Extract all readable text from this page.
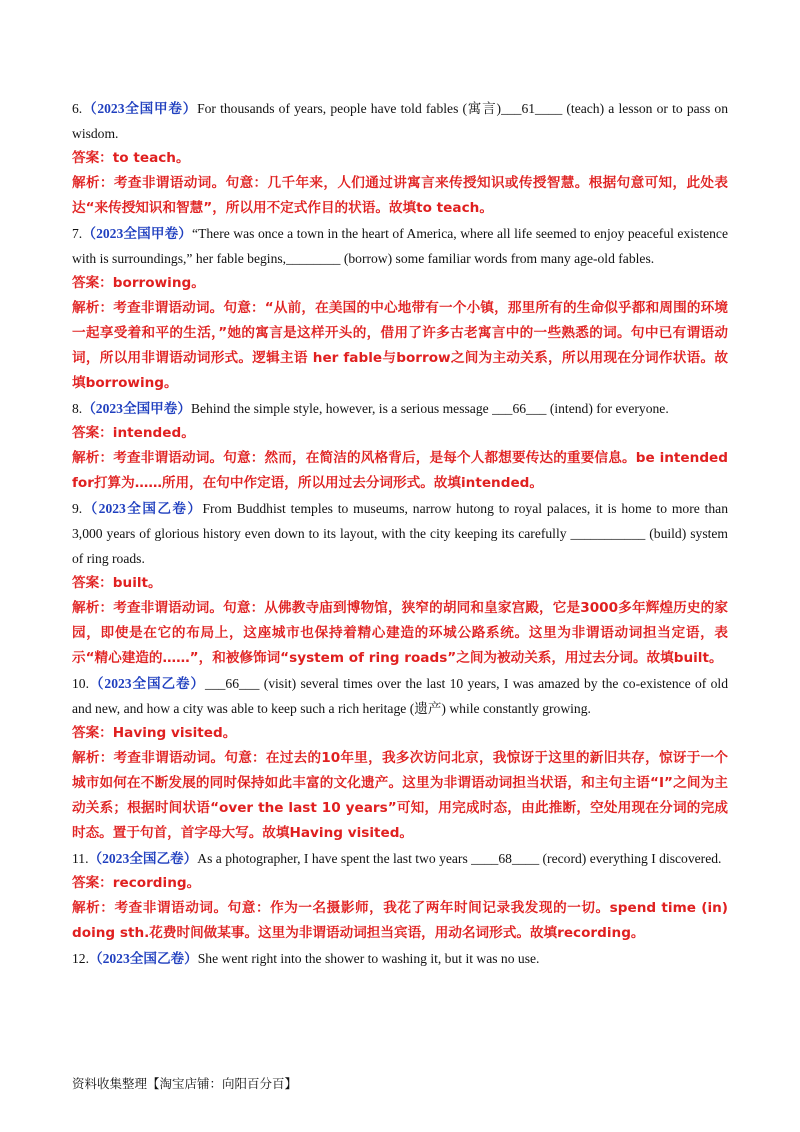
6.（2023全国甲卷）For thousands of years, people have told fables (寓言)___61____ (teach) a lesson or to pass on wisdom.

答案：to teach。

解析：考查非谓语动词。句意：几千年来，人们通过讲寓言来传授知识或传授智慧。根据句意可知，此处表达“来传授知识和智慧”，所以用不定式作目的状语。故填to teach。

7.（2023全国甲卷）“There was once a town in the heart of America, where all life seemed to enjoy peaceful existence with is surroundings,” her fable begins,________ (borrow) some familiar words from many age-old fables.

答案：borrowing。

解析：考查非谓语动词。句意：“从前，在美国的中心地带有一个小镇，那里所有的生命似乎都和周围的环境一起享受着和平的生活，”她的寓言是这样开头的，借用了许多古老寓言中的一些熟悉的词。句中已有谓语动词，所以用非谓语动词形式。逻辑主语 her fable与borrow之间为主动关系，所以用现在分词作状语。故填borrowing。

8.（2023全国甲卷）Behind the simple style, however, is a serious message ___66___ (intend) for everyone.

答案：intended。

解析：考查非谓语动词。句意：然而，在简洁的风格背后，是每个人都想要传达的重要信息。be intended for打算为……所用，在句中作定语，所以用过去分词形式。故填intended。

9.（2023全国乙卷）From Buddhist temples to museums, narrow hutong to royal palaces, it is home to more than 3,000 years of glorious history even down to its layout, with the city keeping its carefully ___________ (build) system of ring roads.

答案：built。

解析：考查非谓语动词。句意：从佛教寺庙到博物馆，狭窄的胡同和皇家宫殿，它是3000多年辉煌历史的家园，即使是在它的布局上，这座城市也保持着精心建造的环城公路系统。这里为非谓语动词担当定语，表示“精心建造的……”，和被修饰词“system of ring roads”之间为被动关系，用过去分词。故填built。

10.（2023全国乙卷）___66___ (visit) several times over the last 10 years, I was amazed by the co-existence of old and new, and how a city was able to keep such a rich heritage (遗产) while constantly growing.

答案：Having visited。

解析：考查非谓语动词。句意：在过去的10年里，我多次访问北京，我惊讶于这里的新旧共存，惊讶于一个城市如何在不断发展的同时保持如此丰富的文化遗产。这里为非谓语动词担当状语，和主句主语“I”之间为主动关系；根据时间状语“over the last 10 years”可知，用完成时态，由此推断，空处用现在分词的完成时态。置于句首，首字母大写。故填Having visited。

11.（2023全国乙卷）As a photographer, I have spent the last two years ____68____ (record) everything I discovered.

答案：recording。

解析：考查非谓语动词。句意：作为一名摄影师，我花了两年时间记录我发现的一切。spend time (in) doing sth.花费时间做某事。这里为非谓语动词担当宾语，用动名词形式。故填recording。

12.（2023全国乙卷）She went right into the shower to washing it, but it was no use.

资料收集整理【淘宝店铺：向阳百分百】
